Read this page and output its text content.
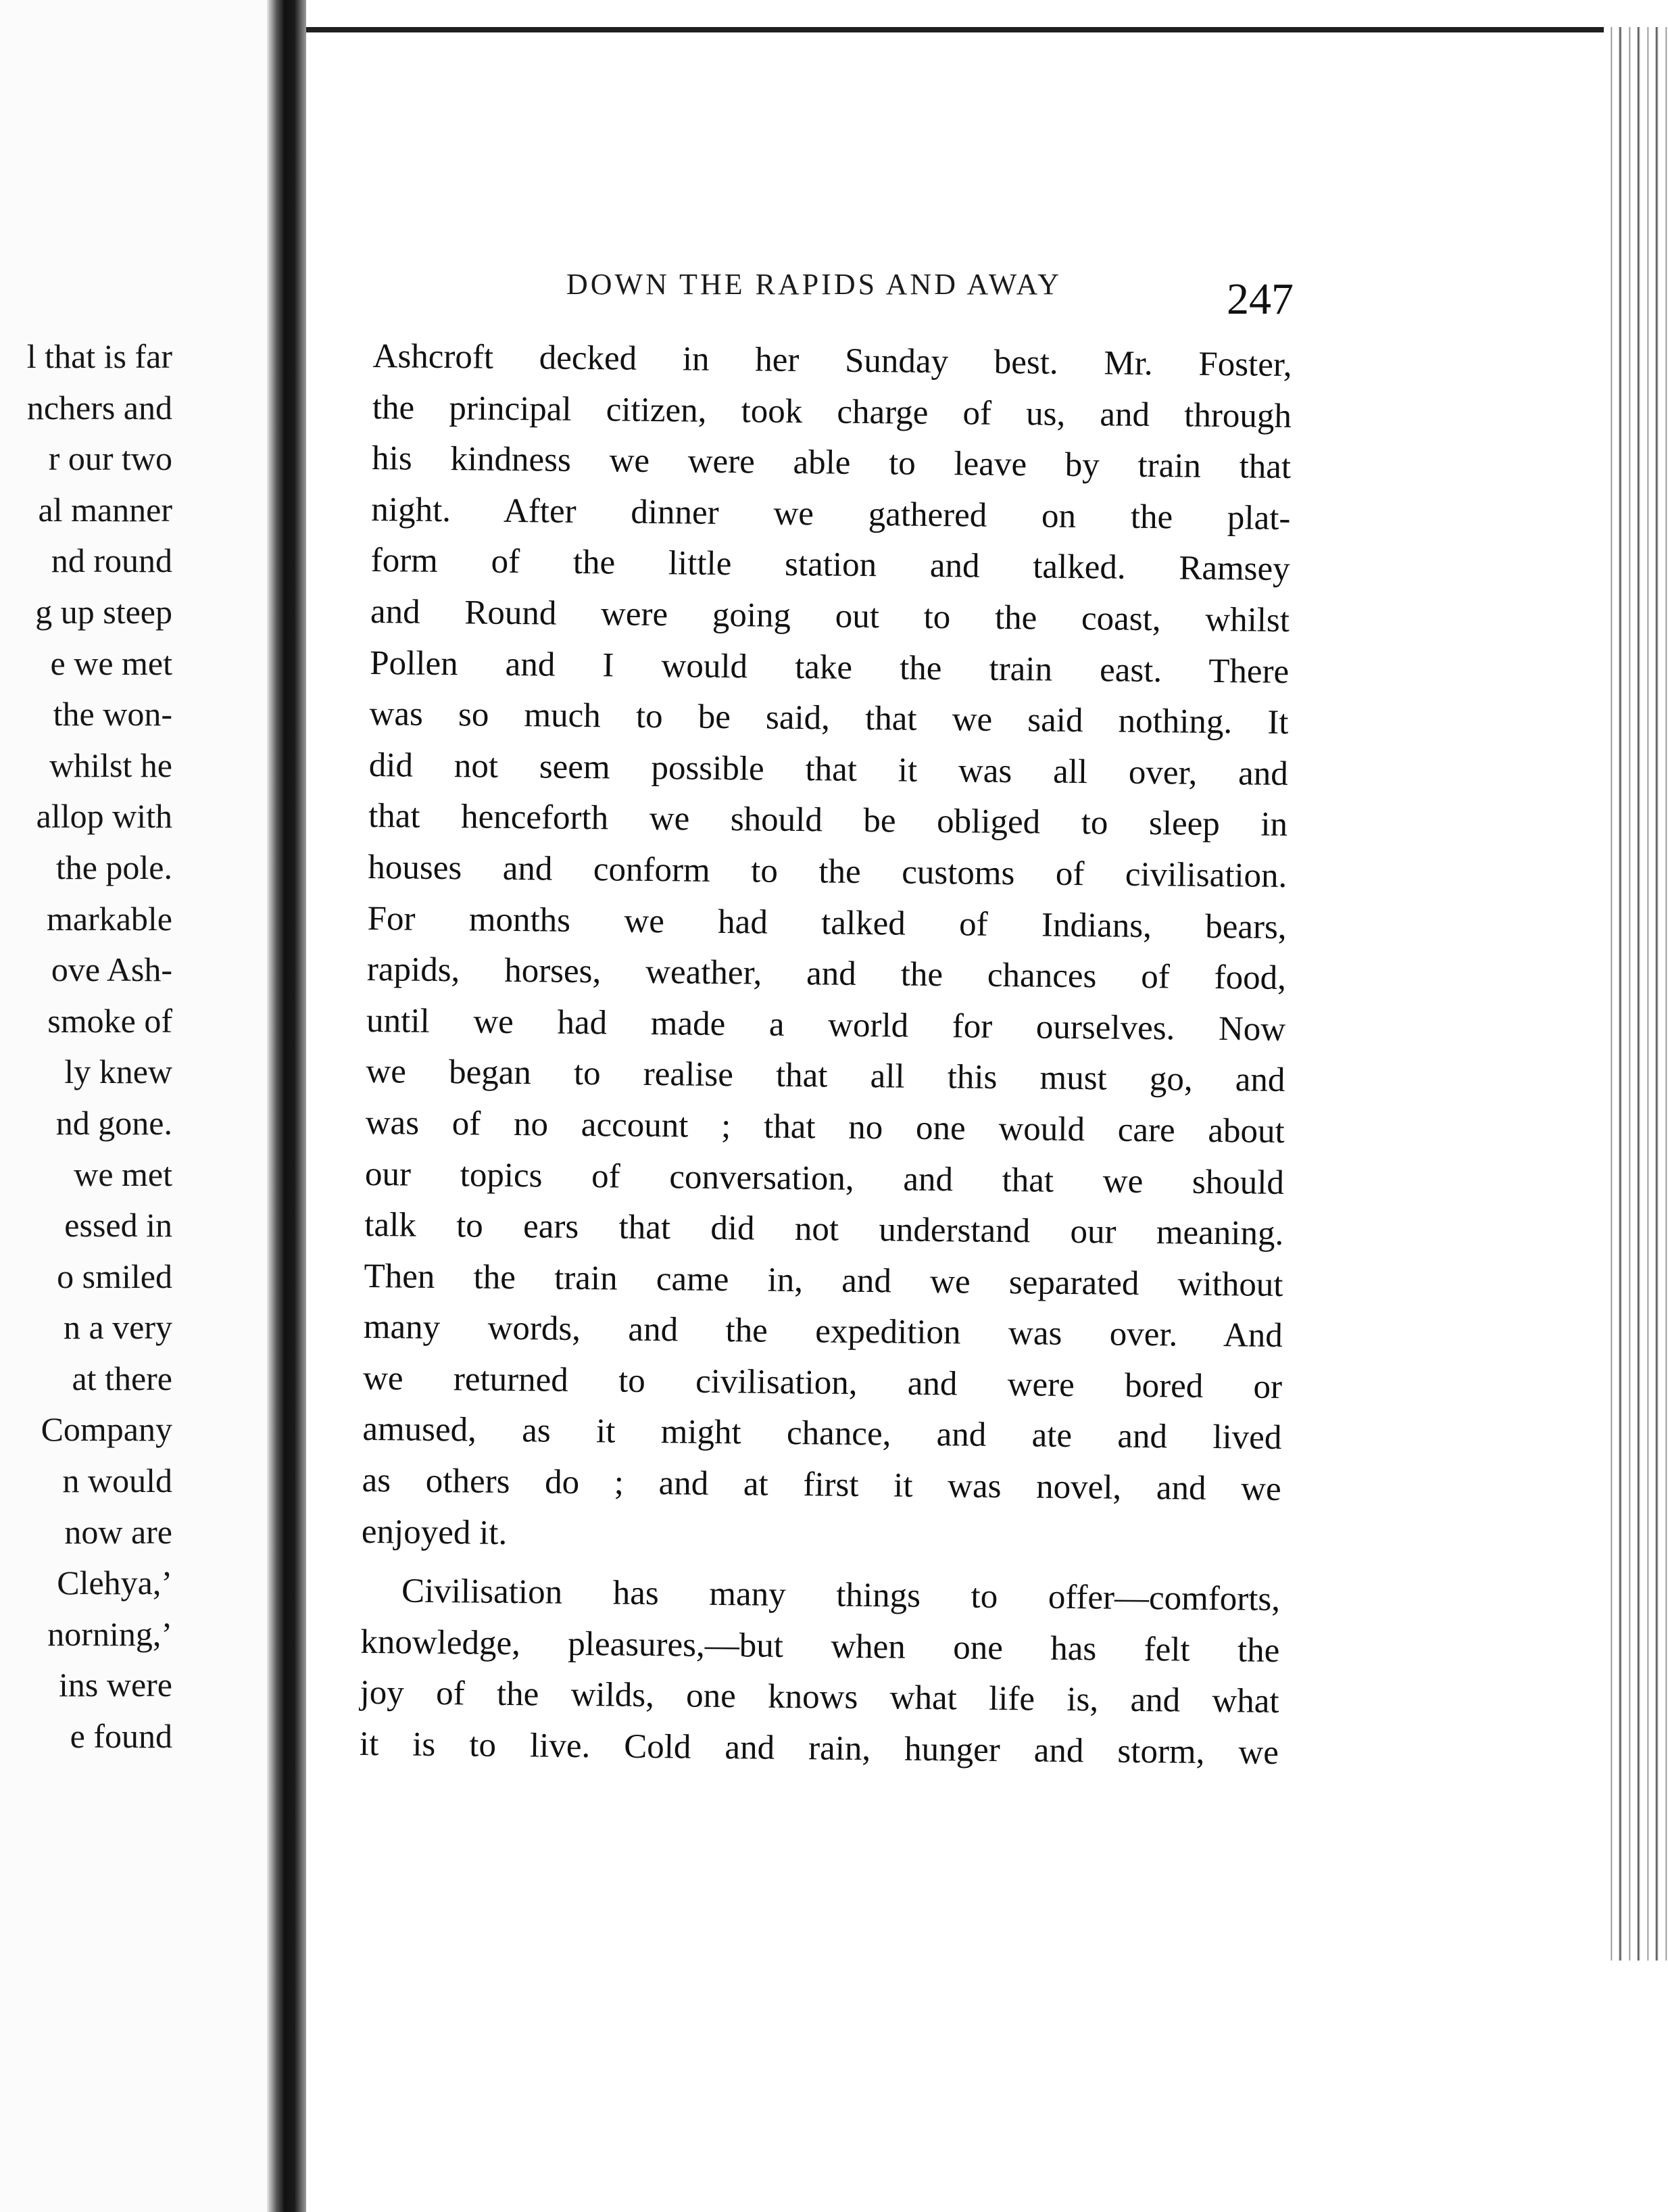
l that is far
nchers and
r our two
al manner
nd round
g up steep
e we met
the won-
whilst he
allop with
the pole.
markable
ove Ash-
smoke of
ly knew
nd gone.
we met
essed in
o smiled
n a very
at there
Company
n would
now are
Clehya,’
norning,’
ins were
e found
DOWN THE RAPIDS AND AWAY	247
Ashcroft decked in her Sunday best. Mr. Foster,
the principal citizen, took charge of us, and through
his kindness we were able to leave by train that
night. After dinner we gathered on the plat-
form of the little station and talked. Ramsey
and Round were going out to the coast, whilst
Pollen and I would take the train east. There
was so much to be said, that we said nothing. It
did not seem possible that it was all over, and
that henceforth we should be obliged to sleep in
houses and conform to the customs of civilisation.
For months we had talked of Indians, bears,
rapids, horses, weather, and the chances of food,
until we had made a world for ourselves. Now
we began to realise that all this must go, and
was of no account ; that no one would care about
our topics of conversation, and that we should
talk to ears that did not understand our meaning.
Then the train came in, and we separated without
many words, and the expedition was over. And
we returned to civilisation, and were bored or
amused, as it might chance, and ate and lived
as others do ; and at first it was novel, and we
enjoyed it.
Civilisation has many things to offer—comforts,
knowledge, pleasures,—but when one has felt the
joy of the wilds, one knows what life is, and what
it is to live. Cold and rain, hunger and storm, we
